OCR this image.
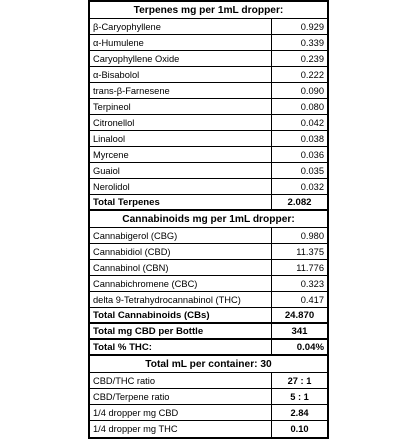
Terpenes mg per 1mL dropper:
β-Caryophyllene	0.929
α-Humulene	0.339
Caryophyllene Oxide	0.239
α-Bisabolol	0.222
trans-β-Farnesene	0.090
Terpineol	0.080
Citronellol	0.042
Linalool	0.038
Myrcene	0.036
Guaiol	0.035
Nerolidol	0.032
Total Terpenes	2.082
Cannabinoids mg per 1mL dropper:
Cannabigerol (CBG)	0.980
Cannabidiol (CBD)	11.375
Cannabinol (CBN)	11.776
Cannabichromene (CBC)	0.323
delta 9-Tetrahydrocannabinol (THC)	0.417
Total Cannabinoids (CBs)	24.870
Total mg CBD per Bottle	341
Total % THC:	0.04%
Total mL per container: 30
CBD/THC ratio	27 : 1
CBD/Terpene ratio	5 : 1
1/4 dropper mg CBD	2.84
1/4 dropper mg THC	0.10
